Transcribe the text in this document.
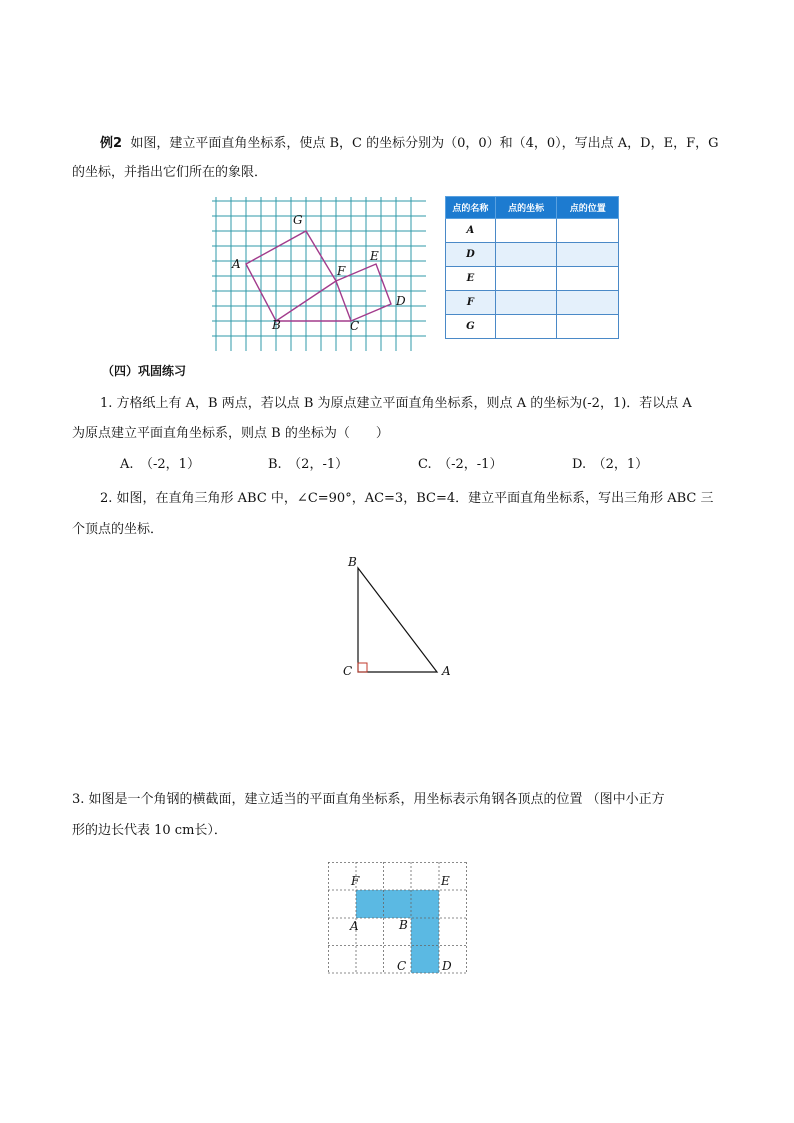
例2 如图，建立平面直角坐标系，使点 B，C 的坐标分别为（0，0）和（4，0），写出点 A，D，E，F，G
的坐标，并指出它们所在的象限．
A
B	C
D
E
F
G
点的名称	点的坐标	点的位置
A		
D		
E		
F		
G		
（四）巩固练习
1. 方格纸上有 A，B 两点，若以点 B 为原点建立平面直角坐标系，则点 A 的坐标为(-2，1)．若以点 A
为原点建立平面直角坐标系，则点 B 的坐标为（　　）
A.　（-2，1）	B.　（2，-1）	C.　（-2，-1）	D.　（2，1）
2. 如图，在直角三角形 ABC 中，∠C=90°，AC=3，BC=4．建立平面直角坐标系，写出三角形 ABC 三
个顶点的坐标．
B
C	A
3. 如图是一个角钢的横截面，建立适当的平面直角坐标系，用坐标表示角钢各顶点的位置 （图中小正方
形的边长代表 10 cm长）．
F	E
A	B
C	D
